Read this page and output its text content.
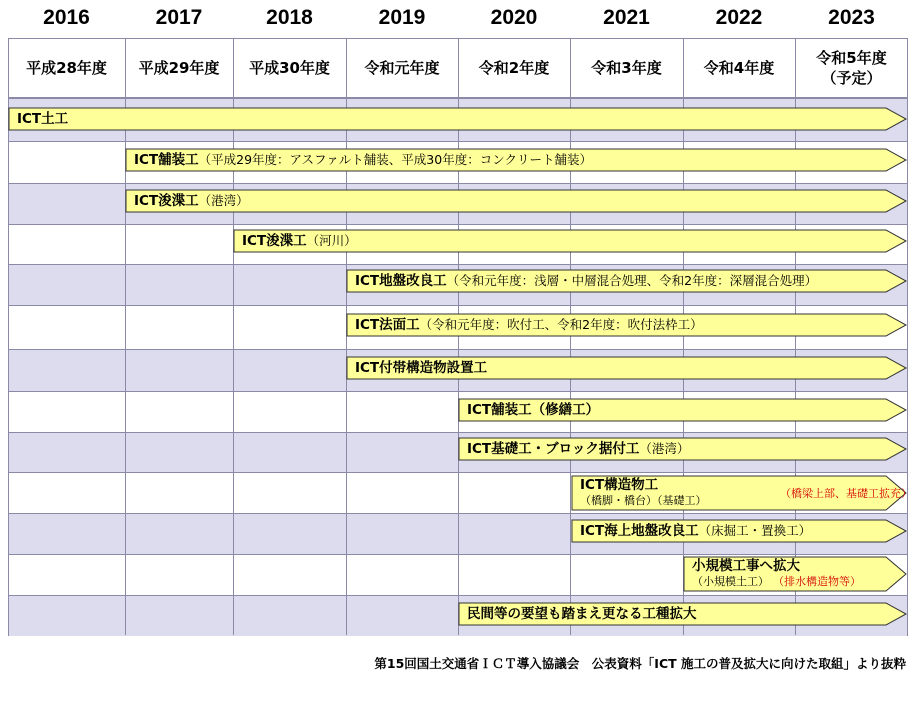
2016	2017	2018	2019	2020	2021	2022	2023
平成28年度 平成29年度 平成30年度 令和元年度	令和2年度	令和3年度	令和4年度
令和5年度
（予定）
ICT土工
ICT舗装工（平成29年度：アスファルト舗装、平成30年度：コンクリート舗装）
ICT浚渫工（港湾）
ICT浚渫工（河川）
ICT地盤改良工（令和元年度：浅層・中層混合処理、令和2年度：深層混合処理）
ICT法面工（令和元年度：吹付工、令和2年度：吹付法枠工）
ICT付帯構造物設置工
ICT舗装工（修繕工）
ICT基礎工・ブロック据付工（港湾）
ICT構造物工
（橋脚・橋台）（基礎工）
（橋梁上部、基礎工拡充）
ICT海上地盤改良工（床掘工・置換工）
小規模工事へ拡大
（小規模土工） （排水構造物等）
民間等の要望も踏まえ更なる工種拡大
第15回国土交通省ＩＣＴ導入協議会　公表資料「ICT 施工の普及拡大に向けた取組」より抜粋
